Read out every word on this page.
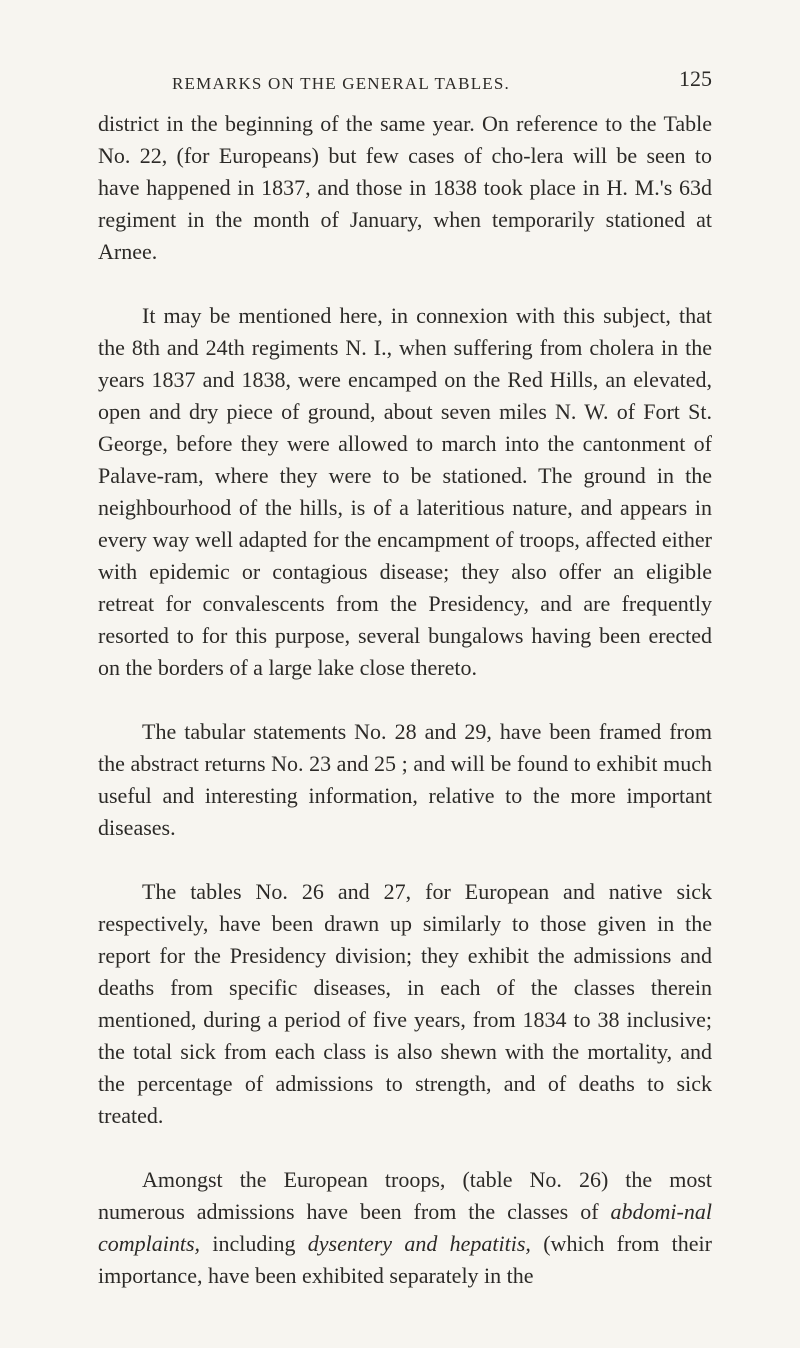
REMARKS ON THE GENERAL TABLES.	125

district in the beginning of the same year. On reference to the Table No. 22, (for Europeans) but few cases of cho-lera will be seen to have happened in 1837, and those in 1838 took place in H. M.'s 63d regiment in the month of January, when temporarily stationed at Arnee.

It may be mentioned here, in connexion with this subject, that the 8th and 24th regiments N. I., when suffering from cholera in the years 1837 and 1838, were encamped on the Red Hills, an elevated, open and dry piece of ground, about seven miles N. W. of Fort St. George, before they were allowed to march into the cantonment of Palave-ram, where they were to be stationed. The ground in the neighbourhood of the hills, is of a lateritious nature, and appears in every way well adapted for the encampment of troops, affected either with epidemic or contagious disease; they also offer an eligible retreat for convalescents from the Presidency, and are frequently resorted to for this purpose, several bungalows having been erected on the borders of a large lake close thereto.

The tabular statements No. 28 and 29, have been framed from the abstract returns No. 23 and 25 ; and will be found to exhibit much useful and interesting information, relative to the more important diseases.

The tables No. 26 and 27, for European and native sick respectively, have been drawn up similarly to those given in the report for the Presidency division; they exhibit the admissions and deaths from specific diseases, in each of the classes therein mentioned, during a period of five years, from 1834 to 38 inclusive; the total sick from each class is also shewn with the mortality, and the percentage of admissions to strength, and of deaths to sick treated.

Amongst the European troops, (table No. 26) the most numerous admissions have been from the classes of abdomi-nal complaints, including dysentery and hepatitis, (which from their importance, have been exhibited separately in the
